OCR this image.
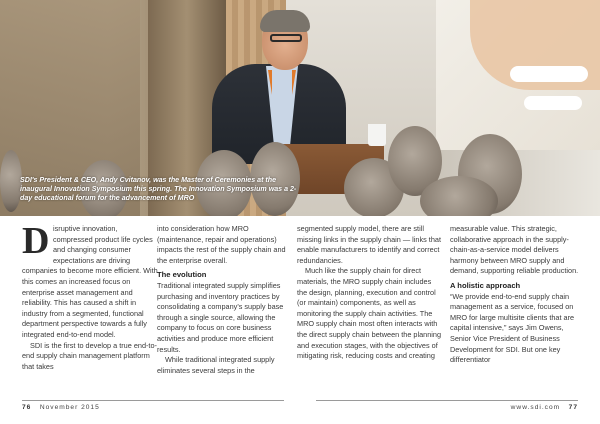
SDI's President & CEO, Andy Cvitanov, was the Master of Ceremonies at the inaugural Innovation Symposium this spring. The Innovation Symposium was a 2-day educational forum for the advancement of MRO
D isruptive innovation, compressed product life cycles and changing consumer expectations are driving companies to become more efficient. With this comes an increased focus on enterprise asset management and reliability. This has caused a shift in industry from a segmented, functional department perspective towards a fully integrated end-to-end model.

SDI is the first to develop a true end-to-end supply chain management platform that takes

into consideration how MRO (maintenance, repair and operations) impacts the rest of the supply chain and the enterprise overall.

The evolution

Traditional integrated supply simplifies purchasing and inventory practices by consolidating a company's supply base through a single source, allowing the company to focus on core business activities and produce more efficient results.

While traditional integrated supply eliminates several steps in the

segmented supply model, there are still missing links in the supply chain — links that enable manufacturers to identify and correct redundancies.

Much like the supply chain for direct materials, the MRO supply chain includes the design, planning, execution and control (or maintain) components, as well as monitoring the supply chain activities. The MRO supply chain most often interacts with the direct supply chain between the planning and execution stages, with the objectives of mitigating risk, reducing costs and creating

measurable value. This strategic, collaborative approach in the supply-chain-as-a-service model delivers harmony between MRO supply and demand, supporting reliable production.

A holistic approach

“We provide end-to-end supply chain management as a service, focused on MRO for large multisite clients that are capital intensive,” says Jim Owens, Senior Vice President of Business Development for SDI. But one key differentiator

76 November 2015	www.sdi.com 77
